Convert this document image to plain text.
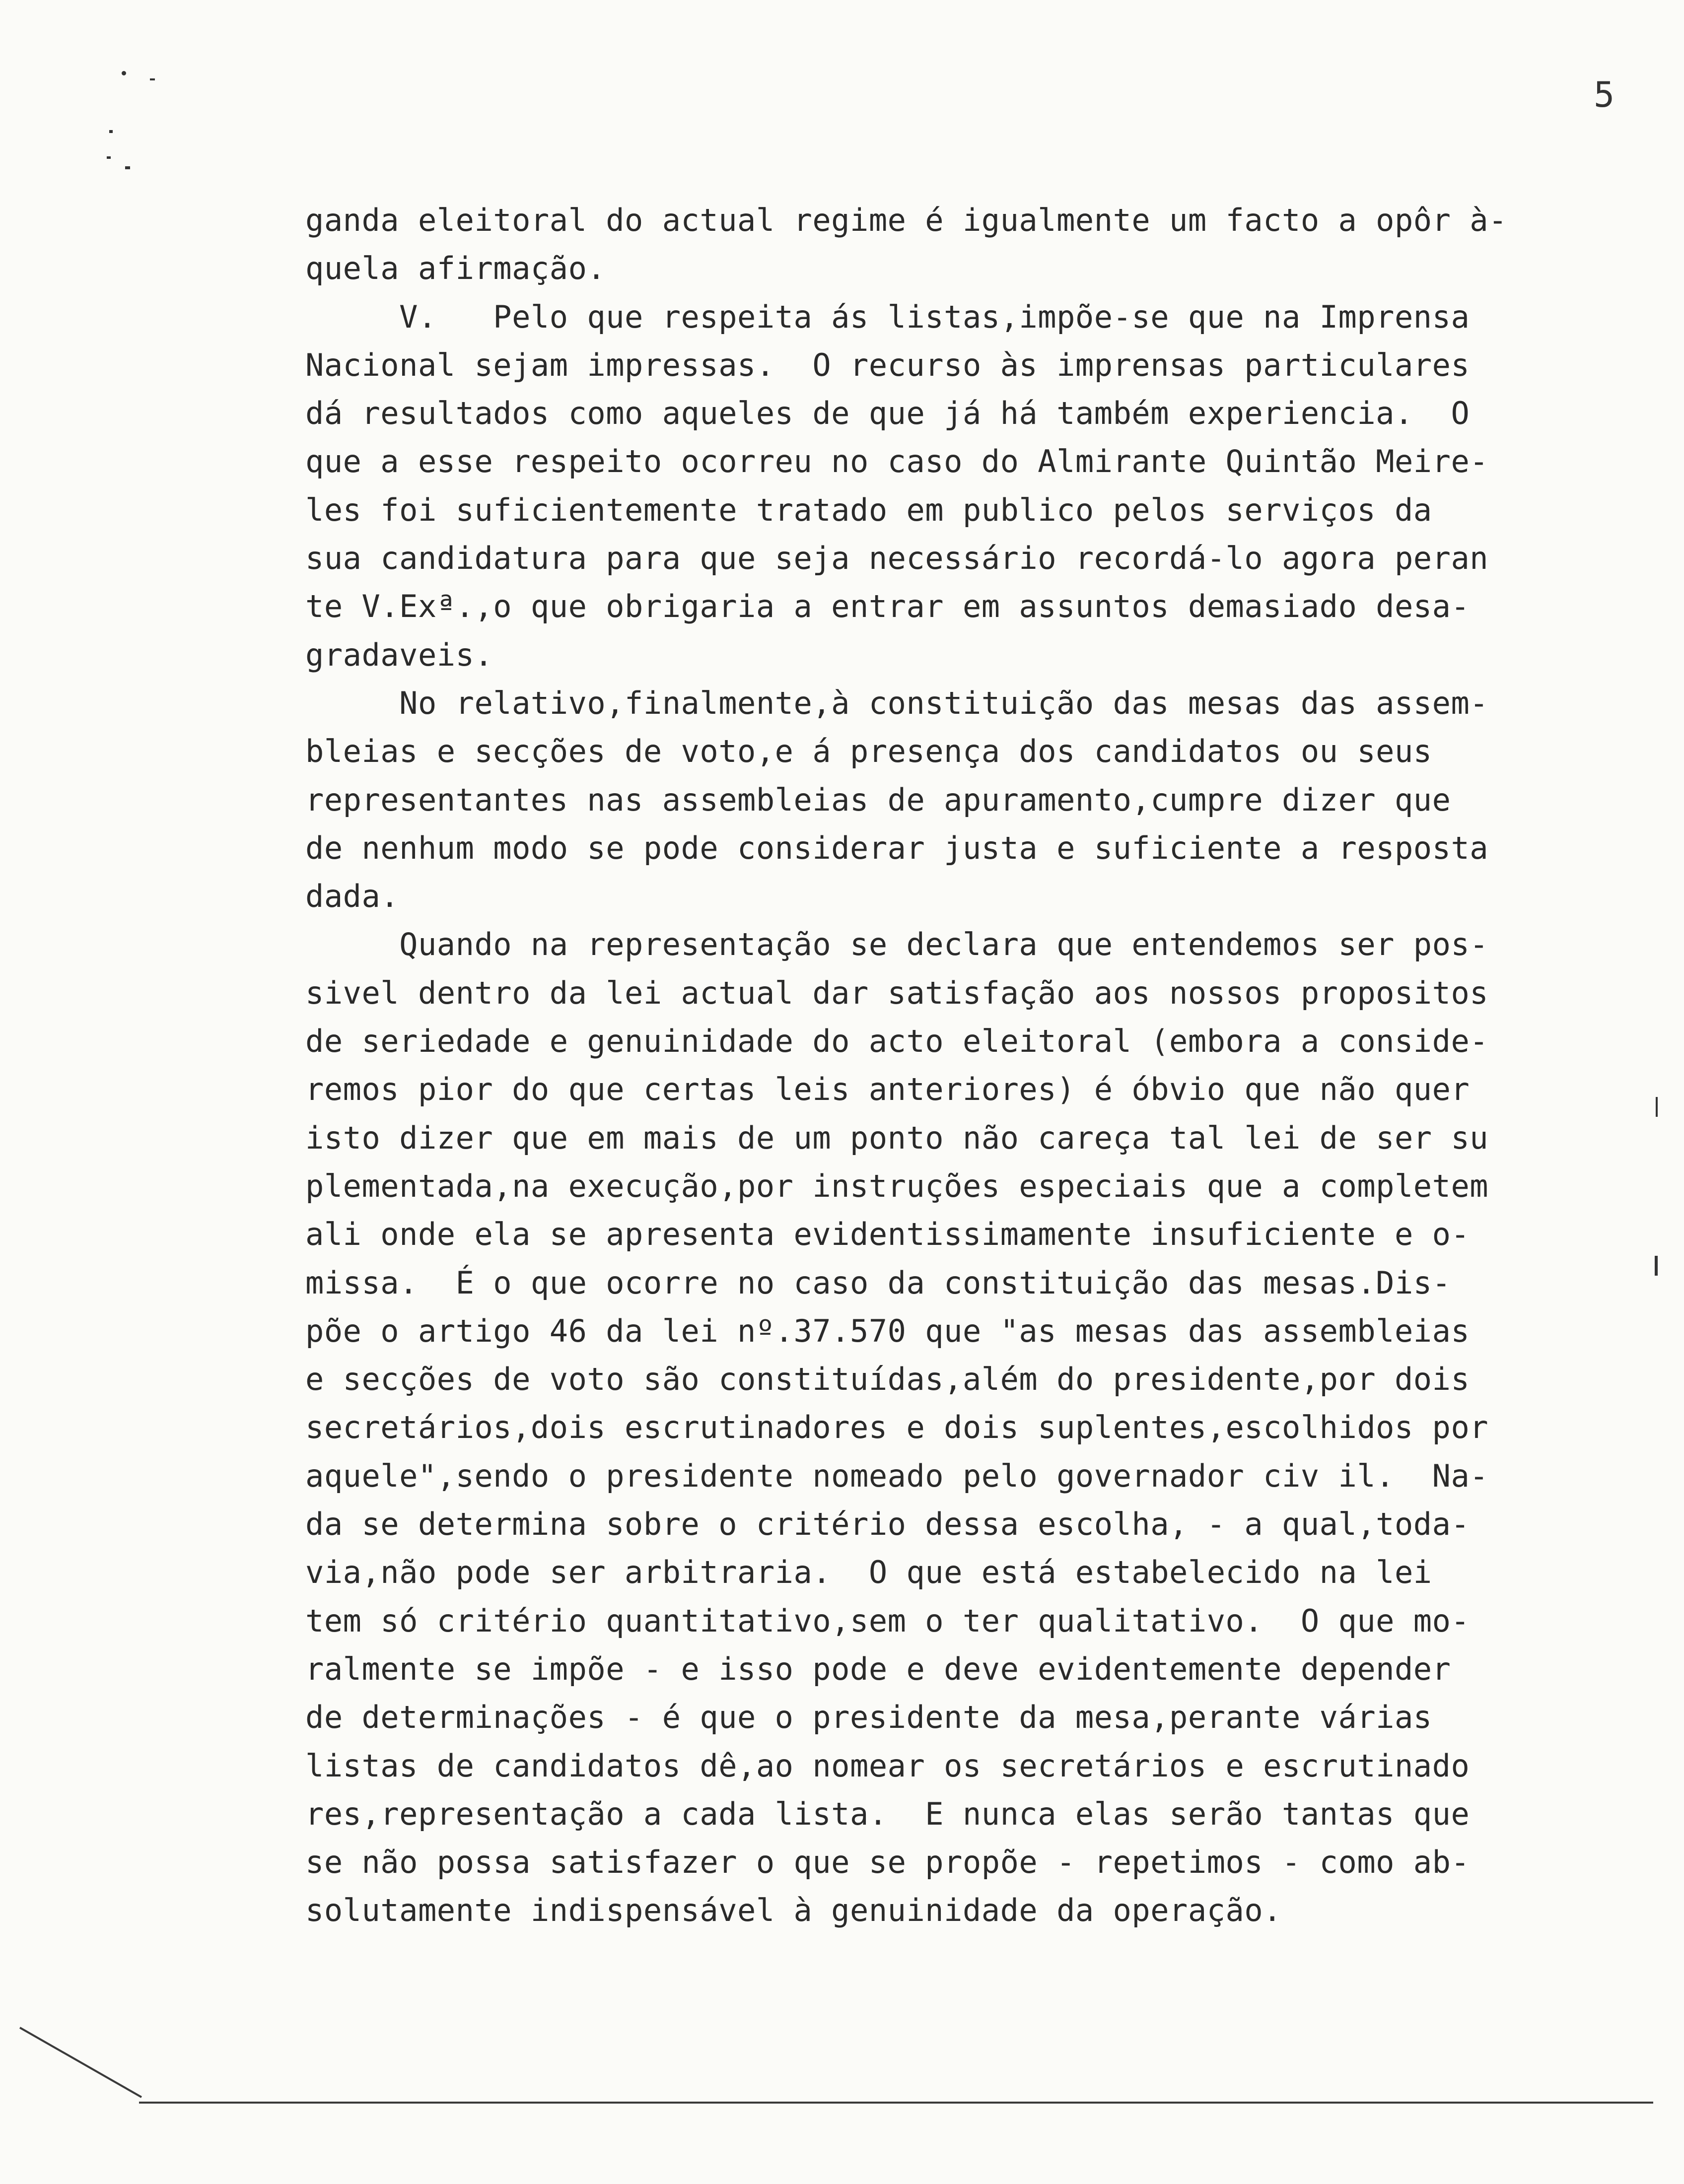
5
ganda eleitoral do actual regime é igualmente um facto a opôr à-
quela afirmação.
V.   Pelo que respeita ás listas,impõe-se que na Imprensa
Nacional sejam impressas.  O recurso às imprensas particulares
dá resultados como aqueles de que já há também experiencia.  O
que a esse respeito ocorreu no caso do Almirante Quintão Meire-
les foi suficientemente tratado em publico pelos serviços da
sua candidatura para que seja necessário recordá-lo agora peran
te V.Exª.,o que obrigaria a entrar em assuntos demasiado desa-
gradaveis.
No relativo,finalmente,à constituição das mesas das assem-
bleias e secções de voto,e á presença dos candidatos ou seus
representantes nas assembleias de apuramento,cumpre dizer que
de nenhum modo se pode considerar justa e suficiente a resposta
dada.
Quando na representação se declara que entendemos ser pos-
sivel dentro da lei actual dar satisfação aos nossos propositos
de seriedade e genuinidade do acto eleitoral (embora a conside-
remos pior do que certas leis anteriores) é óbvio que não quer
isto dizer que em mais de um ponto não careça tal lei de ser su
plementada,na execução,por instruções especiais que a completem
ali onde ela se apresenta evidentissimamente insuficiente e o-
missa.  É o que ocorre no caso da constituição das mesas.Dis-
põe o artigo 46 da lei nº.37.570 que "as mesas das assembleias
e secções de voto são constituídas,além do presidente,por dois
secretários,dois escrutinadores e dois suplentes,escolhidos por
aquele",sendo o presidente nomeado pelo governador civ il.  Na-
da se determina sobre o critério dessa escolha, - a qual,toda-
via,não pode ser arbitraria.  O que está estabelecido na lei
tem só critério quantitativo,sem o ter qualitativo.  O que mo-
ralmente se impõe - e isso pode e deve evidentemente depender
de determinações - é que o presidente da mesa,perante várias
listas de candidatos dê,ao nomear os secretários e escrutinado
res,representação a cada lista.  E nunca elas serão tantas que
se não possa satisfazer o que se propõe - repetimos - como ab-
solutamente indispensável à genuinidade da operação.
